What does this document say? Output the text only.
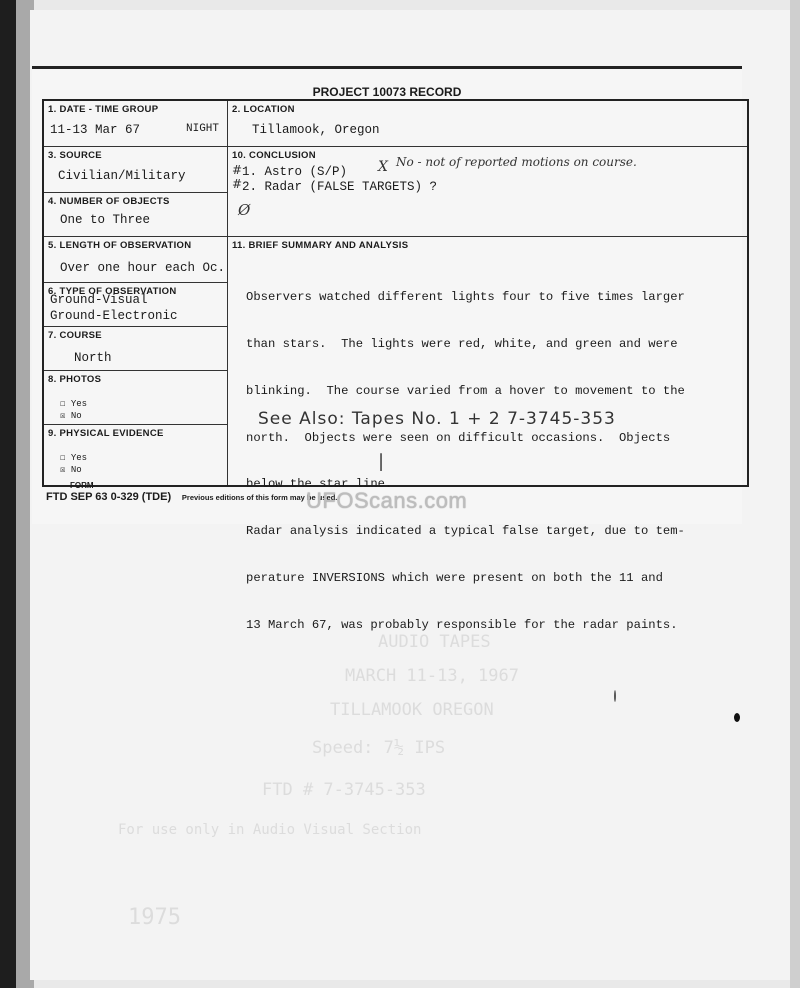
PROJECT 10073 RECORD
1. DATE - TIME GROUP
11-13 Mar 67	NIGHT
2. LOCATION
Tillamook, Oregon
3. SOURCE
Civilian/Military
4. NUMBER OF OBJECTS
One to Three
5. LENGTH OF OBSERVATION
Over one hour each Oc.
6. TYPE OF OBSERVATION
Ground-Visual
Ground-Electronic
7. COURSE
North
8. PHOTOS
☐ Yes
☒ No
9. PHYSICAL EVIDENCE
☐ Yes
☒ No
10. CONCLUSION
#
#
1. Astro (S/P) X
2. Radar (FALSE TARGETS) ?
No - not of reported motions on course.
Ø
11. BRIEF SUMMARY AND ANALYSIS

Observers watched different lights four to five times larger

than stars.  The lights were red, white, and green and were

blinking.  The course varied from a hover to movement to the

north.  Objects were seen on difficult occasions.  Objects

below the star line.

Radar analysis indicated a typical false target, due to tem-

perature INVERSIONS which were present on both the 11 and

13 March 67, was probably responsible for the radar paints.

See Also: Tapes No. 1 + 2 7-3745-353
|
FORM
FTD SEP 63 0-329 (TDE) Previous editions of this form may be used.
UFOScans.com
AUDIO TAPES
MARCH 11-13, 1967
TILLAMOOK OREGON
Speed: 7½ IPS
FTD # 7-3745-353
For use only in Audio Visual Section
1975
